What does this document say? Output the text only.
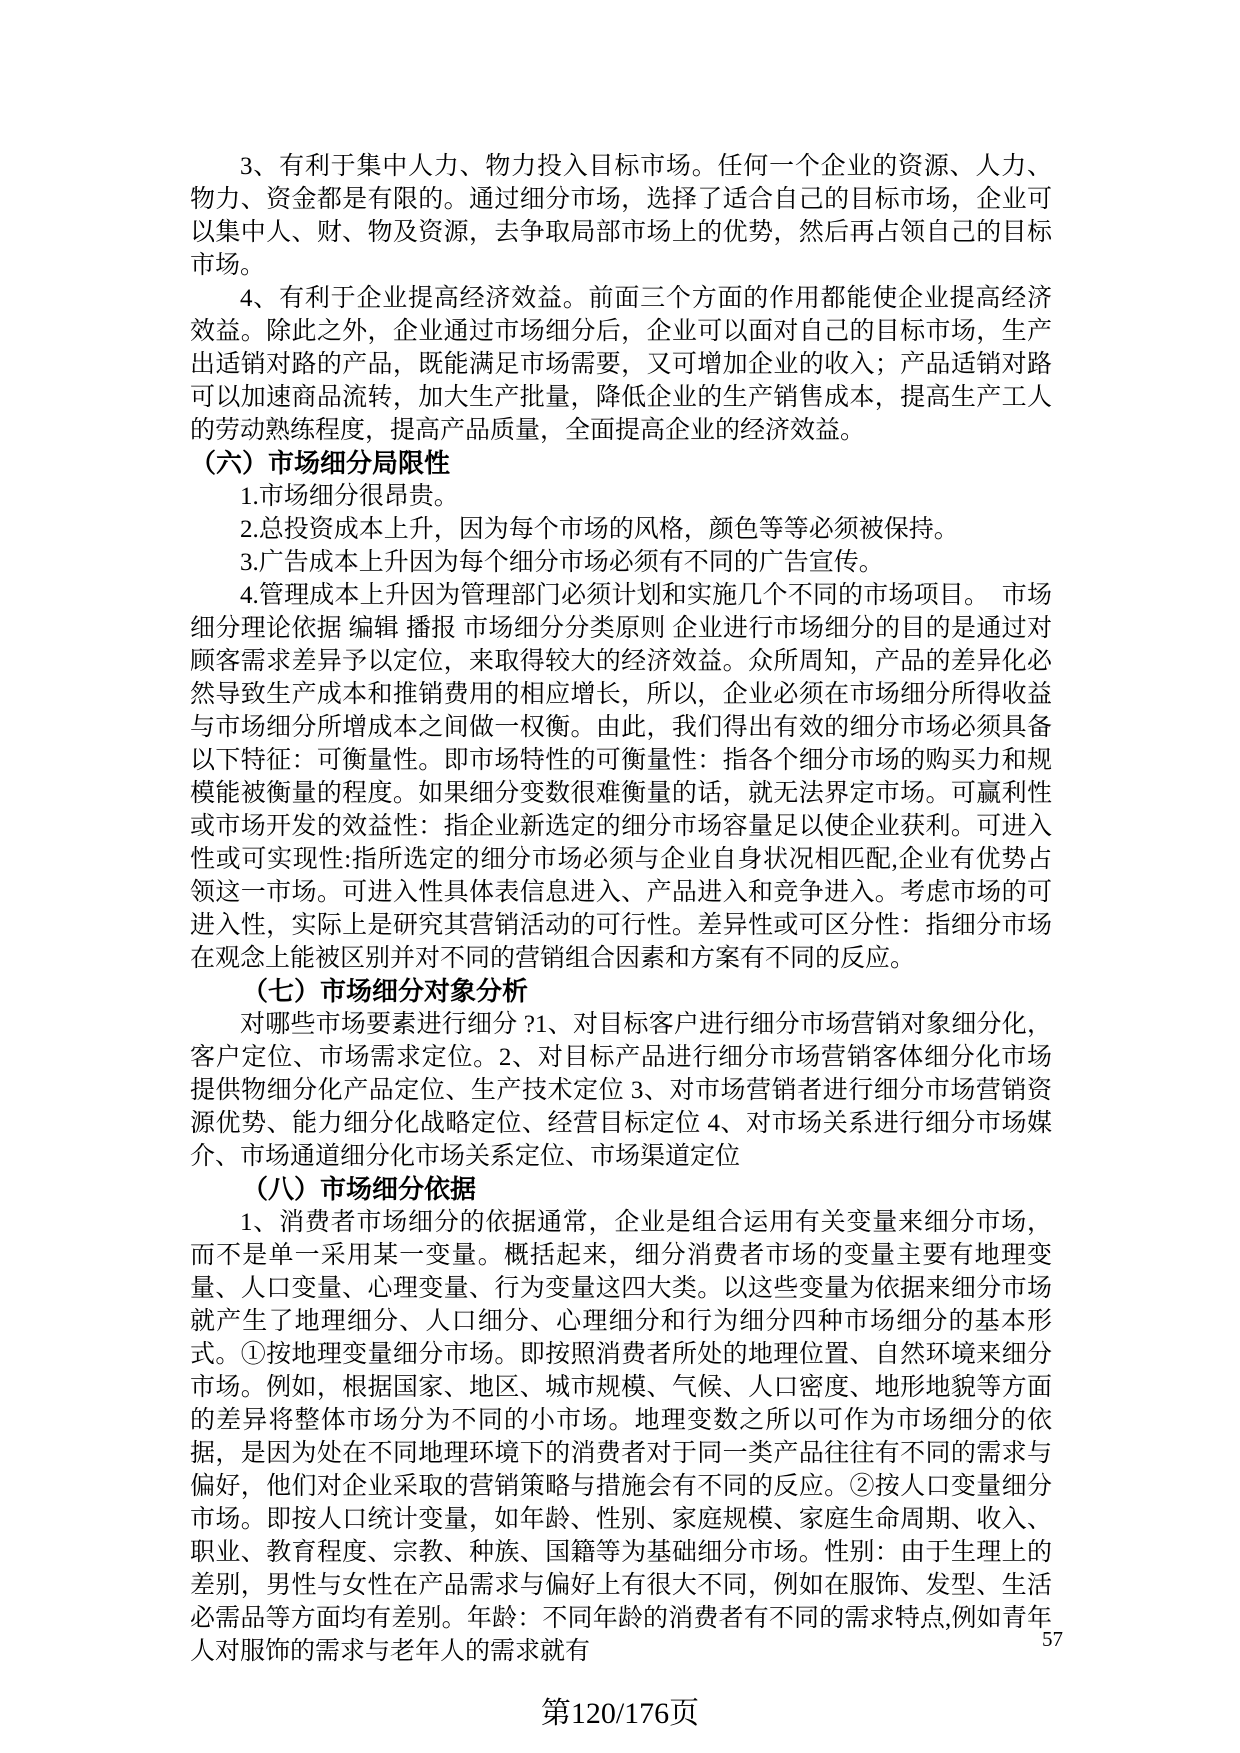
3、有利于集中人力、物力投入目标市场。任何一个企业的资源、人力、物力、资金都是有限的。通过细分市场，选择了适合自己的目标市场，企业可以集中人、财、物及资源，去争取局部市场上的优势，然后再占领自己的目标市场。

4、有利于企业提高经济效益。前面三个方面的作用都能使企业提高经济效益。除此之外，企业通过市场细分后，企业可以面对自己的目标市场，生产出适销对路的产品，既能满足市场需要，又可增加企业的收入；产品适销对路可以加速商品流转，加大生产批量，降低企业的生产销售成本，提高生产工人的劳动熟练程度，提高产品质量，全面提高企业的经济效益。

（六）市场细分局限性

1.市场细分很昂贵。

2.总投资成本上升，因为每个市场的风格，颜色等等必须被保持。

3.广告成本上升因为每个细分市场必须有不同的广告宣传。

4.管理成本上升因为管理部门必须计划和实施几个不同的市场项目。　市场细分理论依据 编辑 播报 市场细分分类原则 企业进行市场细分的目的是通过对顾客需求差异予以定位，来取得较大的经济效益。众所周知，产品的差异化必然导致生产成本和推销费用的相应增长，所以，企业必须在市场细分所得收益与市场细分所增成本之间做一权衡。由此，我们得出有效的细分市场必须具备以下特征：可衡量性。即市场特性的可衡量性：指各个细分市场的购买力和规模能被衡量的程度。如果细分变数很难衡量的话，就无法界定市场。可赢利性或市场开发的效益性：指企业新选定的细分市场容量足以使企业获利。可进入性或可实现性:指所选定的细分市场必须与企业自身状况相匹配,企业有优势占领这一市场。可进入性具体表信息进入、产品进入和竞争进入。考虑市场的可进入性，实际上是研究其营销活动的可行性。差异性或可区分性：指细分市场在观念上能被区别并对不同的营销组合因素和方案有不同的反应。

（七）市场细分对象分析

对哪些市场要素进行细分 ?1、对目标客户进行细分市场营销对象细分化，客户定位、市场需求定位。2、对目标产品进行细分市场营销客体细分化市场提供物细分化产品定位、生产技术定位 3、对市场营销者进行细分市场营销资源优势、能力细分化战略定位、经营目标定位 4、对市场关系进行细分市场媒介、市场通道细分化市场关系定位、市场渠道定位

（八）市场细分依据

1、消费者市场细分的依据通常，企业是组合运用有关变量来细分市场，而不是单一采用某一变量。概括起来，细分消费者市场的变量主要有地理变量、人口变量、心理变量、行为变量这四大类。以这些变量为依据来细分市场就产生了地理细分、人口细分、心理细分和行为细分四种市场细分的基本形式。①按地理变量细分市场。即按照消费者所处的地理位置、自然环境来细分市场。例如，根据国家、地区、城市规模、气候、人口密度、地形地貌等方面的差异将整体市场分为不同的小市场。地理变数之所以可作为市场细分的依据，是因为处在不同地理环境下的消费者对于同一类产品往往有不同的需求与偏好，他们对企业采取的营销策略与措施会有不同的反应。②按人口变量细分市场。即按人口统计变量，如年龄、性别、家庭规模、家庭生命周期、收入、职业、教育程度、宗教、种族、国籍等为基础细分市场。性别：由于生理上的差别，男性与女性在产品需求与偏好上有很大不同，例如在服饰、发型、生活必需品等方面均有差别。年龄：不同年龄的消费者有不同的需求特点,例如青年人对服饰的需求与老年人的需求就有	57
第120/176页
